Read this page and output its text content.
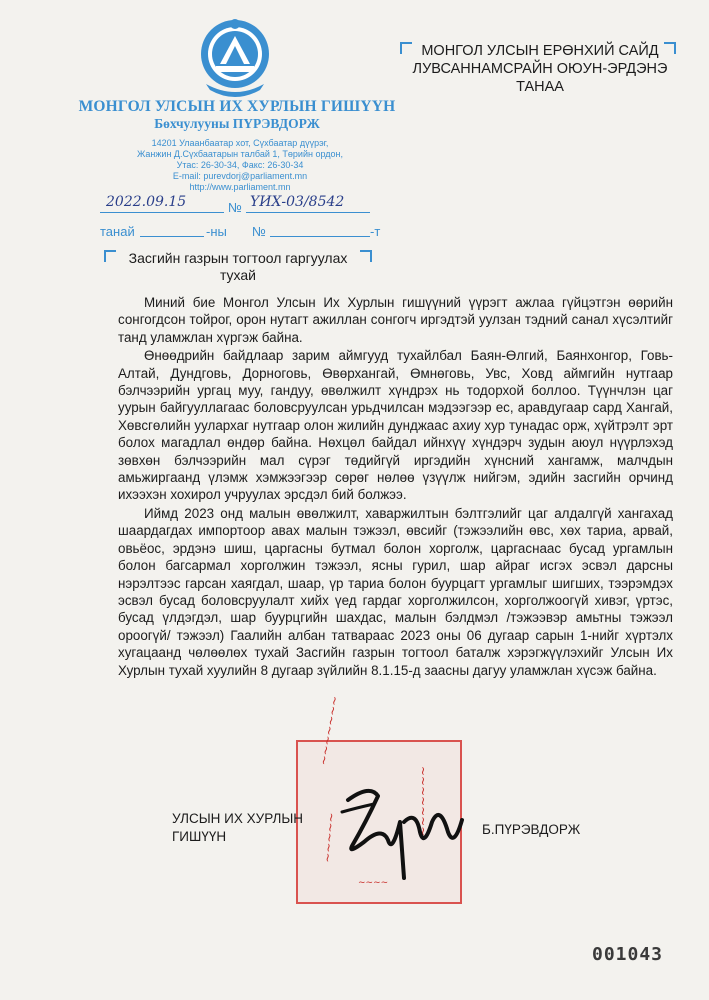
МОНГОЛ УЛСЫН ИХ ХУРЛЫН ГИШҮҮН
Бөхчулууны ПҮРЭВДОРЖ
14201 Улаанбаатар хот, Сүхбаатар дүүрэг,
Жанжин Д.Сүхбаатарын талбай 1, Төрийн ордон,
Утас: 26-30-34, Факс: 26-30-34
E-mail: purevdorj@parliament.mn
http://www.parliament.mn
2022.09.15	№ ҮИХ-03/8542
танай	-ны №	-т
Засгийн газрын тогтоол гаргуулах тухай
МОНГОЛ УЛСЫН ЕРӨНХИЙ САЙД
ЛУВСАННАМСРАЙН ОЮУН-ЭРДЭНЭ
ТАНАА

Миний бие Монгол Улсын Их Хурлын гишүүний үүрэгт ажлаа гүйцэтгэн өөрийн сонгогдсон тойрог, орон нутагт ажиллан сонгогч иргэдтэй уулзан тэдний санал хүсэлтийг танд уламжлан хүргэж байна.

Өнөөдрийн байдлаар зарим аймгууд тухайлбал Баян-Өлгий, Баянхонгор, Говь-Алтай, Дундговь, Дорноговь, Өвөрхангай, Өмнөговь, Увс, Ховд аймгийн нутгаар бэлчээрийн ургац муу, гандуу, өвөлжилт хүндрэх нь тодорхой боллоо. Түүнчлэн цаг уурын байгууллагаас боловсруулсан урьдчилсан мэдээгээр ес, аравдугаар сард Хангай, Хөвсгөлийн уулархаг нутгаар олон жилийн дунджаас ахиу хур тунадас орж, хүйтрэлт эрт болох магадлал өндөр байна. Нөхцөл байдал ийнхүү хүндэрч зудын аюул нүүрлэхэд зөвхөн бэлчээрийн мал сүрэг төдийгүй иргэдийн хүнсний хангамж, малчдын амьжиргаанд үлэмж хэмжээгээр сөрөг нөлөө үзүүлж нийгэм, эдийн засгийн орчинд ихээхэн хохирол учруулах эрсдэл бий болжээ.

Иймд 2023 онд малын өвөлжилт, хаваржилтын бэлтгэлийг цаг алдалгүй хангахад шаардагдах импортоор авах малын тэжээл, өвсийг (тэжээлийн өвс, хөх тариа, арвай, овьёос, эрдэнэ шиш, царгасны бутмал болон хорголж, царгаснаас бусад ургамлын болон багсармал хорголжин тэжээл, ясны гурил, шар айраг исгэх эсвэл дарсны нэрэлтээс гарсан хаягдал, шаар, үр тариа болон буурцагт ургамлыг шигших, тээрэмдэх эсвэл бусад боловсруулалт хийх үед гардаг хорголжилсон, хорголжоогүй хивэг, үртэс, бусад үлдэгдэл, шар буурцгийн шахдас, малын бэлдмэл /тэжээвэр амьтны тэжээл ороогүй/ тэжээл) Гаалийн албан татвараас 2023 оны 06 дугаар сарын 1-нийг хүртэлх хугацаанд чөлөөлөх тухай Засгийн газрын тогтоол баталж хэрэгжүүлэхийг Улсын Их Хурлын тухай хуулийн 8 дугаар зүйлийн 8.1.15-д заасны дагуу уламжлан хүсэж байна.

~~~~~~~
~~~~~
~~~~~~~
~~~~
УЛСЫН ИХ ХУРЛЫН
ГИШҮҮН	Б.ПҮРЭВДОРЖ
001043
